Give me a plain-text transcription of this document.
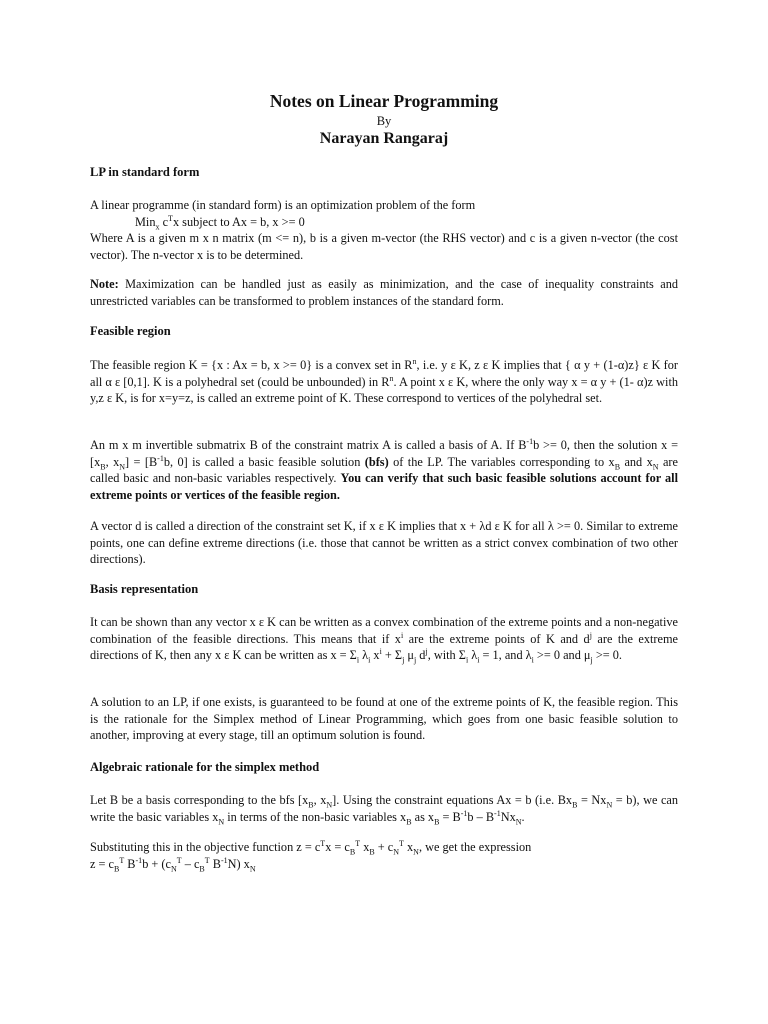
Notes on Linear Programming
By
Narayan Rangaraj
LP in standard form
A linear programme (in standard form) is an optimization problem of the form
Min$_x$ $c^Tx$ subject to Ax = b, x >= 0
Where A is a given m x n matrix (m <= n), b is a given m-vector (the RHS vector) and c is a given n-vector (the cost vector). The n-vector x is to be determined.
Note: Maximization can be handled just as easily as minimization, and the case of inequality constraints and unrestricted variables can be transformed to problem instances of the standard form.
Feasible region
The feasible region K = {x : Ax = b, x >= 0} is a convex set in $R^n$, i.e. y ε K, z ε K implies that { α y + (1-α)z} ε K for all α ε [0,1]. K is a polyhedral set (could be unbounded) in $R^n$. A point x ε K, where the only way x = α y + (1- α)z with y,z ε K, is for x=y=z, is called an extreme point of K. These correspond to vertices of the polyhedral set.
An m x m invertible submatrix B of the constraint matrix A is called a basis of A. If $B^{-1}b >= 0$, then the solution $x = [x_B$, $x_N] = [B^{-1}b$, 0] is called a basic feasible solution (bfs) of the LP. The variables corresponding to $x_B$ and $x_N$ are called basic and non-basic variables respectively. You can verify that such basic feasible solutions account for all extreme points or vertices of the feasible region.
A vector d is called a direction of the constraint set K, if x ε K implies that x + λd ε K for all λ >= 0. Similar to extreme points, one can define extreme directions (i.e. those that cannot be written as a strict convex combination of two other directions).
Basis representation
It can be shown than any vector x ε K can be written as a convex combination of the extreme points and a non-negative combination of the feasible directions. This means that if $x^i$ are the extreme points of K and $d^j$ are the extreme directions of K, then any x ε K can be written as $x = \Sigma_i$ $\lambda_i$ $x^i + \Sigma_j$ $\mu_j$ $d^j$, with $\Sigma_i$ $\lambda_i = 1$, and $\lambda_i >= 0$ and $\mu_j >= 0$.
A solution to an LP, if one exists, is guaranteed to be found at one of the extreme points of K, the feasible region. This is the rationale for the Simplex method of Linear Programming, which goes from one basic feasible solution to another, improving at every stage, till an optimum solution is found.
Algebraic rationale for the simplex method
Let B be a basis corresponding to the bfs [$x_B$, $x_N$]. Using the constraint equations Ax = b (i.e. $Bx_B = Nx_N = b$), we can write the basic variables $x_N$ in terms of the non-basic variables $x_B$ as $x_B = B^{-1}b - B^{-1}Nx_N$.
Substituting this in the objective function $z = c^Tx = c_B^T$ $x_B + c_N^T$ $x_N$, we get the expression
$z = c_B^T$ $B^{-1}b + (c_N^T - c_B^T$ $B^{-1}N$) $x_N$
